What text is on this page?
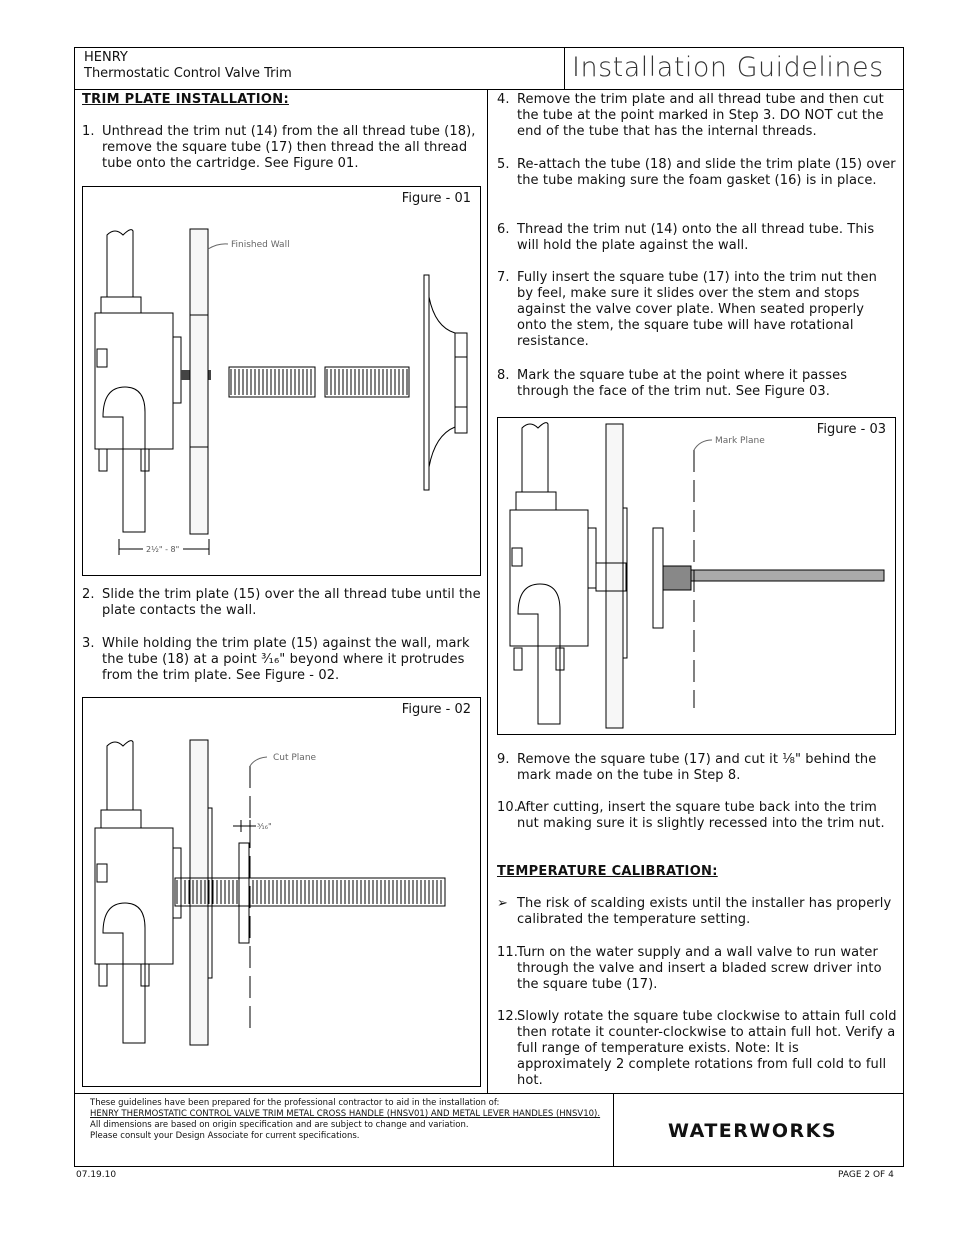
HENRY
Thermostatic Control Valve Trim	Installation Guidelines
TRIM PLATE INSTALLATION:
1. Unthread the trim nut (14) from the all thread tube (18), remove the square tube (17) then thread the all thread tube onto the cartridge. See Figure 01.
Figure - 01
2½" - 8"
Finished Wall
2. Slide the trim plate (15) over the all thread tube until the plate contacts the wall.
3. While holding the trim plate (15) against the wall, mark the tube (18) at a point ³⁄₁₆" beyond where it protrudes from the trim plate. See Figure - 02.
Figure - 02
Cut Plane
³⁄₁₆"
4. Remove the trim plate and all thread tube and then cut the tube at the point marked in Step 3. DO NOT cut the end of the tube that has the internal threads.
5. Re-attach the tube (18) and slide the trim plate (15) over the tube making sure the foam gasket (16) is in place.
6. Thread the trim nut (14) onto the all thread tube. This will hold the plate against the wall.
7. Fully insert the square tube (17) into the trim nut then by feel, make sure it slides over the stem and stops against the valve cover plate. When seated properly onto the stem, the square tube will have rotational resistance.
8. Mark the square tube at the point where it passes through the face of the trim nut. See Figure 03.
Figure - 03
Mark Plane
9. Remove the square tube (17) and cut it ⅛" behind the mark made on the tube in Step 8.
10. After cutting, insert the square tube back into the trim nut making sure it is slightly recessed into the trim nut.
TEMPERATURE CALIBRATION:
➢ The risk of scalding exists until the installer has properly calibrated the temperature setting.
11. Turn on the water supply and a wall valve to run water through the valve and insert a bladed screw driver into the square tube (17).
12. Slowly rotate the square tube clockwise to attain full cold then rotate it counter-clockwise to attain full hot. Verify a full range of temperature exists. Note: It is approximately 2 complete rotations from full cold to full hot.
These guidelines have been prepared for the professional contractor to aid in the installation of:
HENRY THERMOSTATIC CONTROL VALVE TRIM METAL CROSS HANDLE (HNSV01) AND METAL LEVER HANDLES (HNSV10).
All dimensions are based on origin specification and are subject to change and variation.
Please consult your Design Associate for current specifications.	WATERWORKS
07.19.10	PAGE 2 OF 4
